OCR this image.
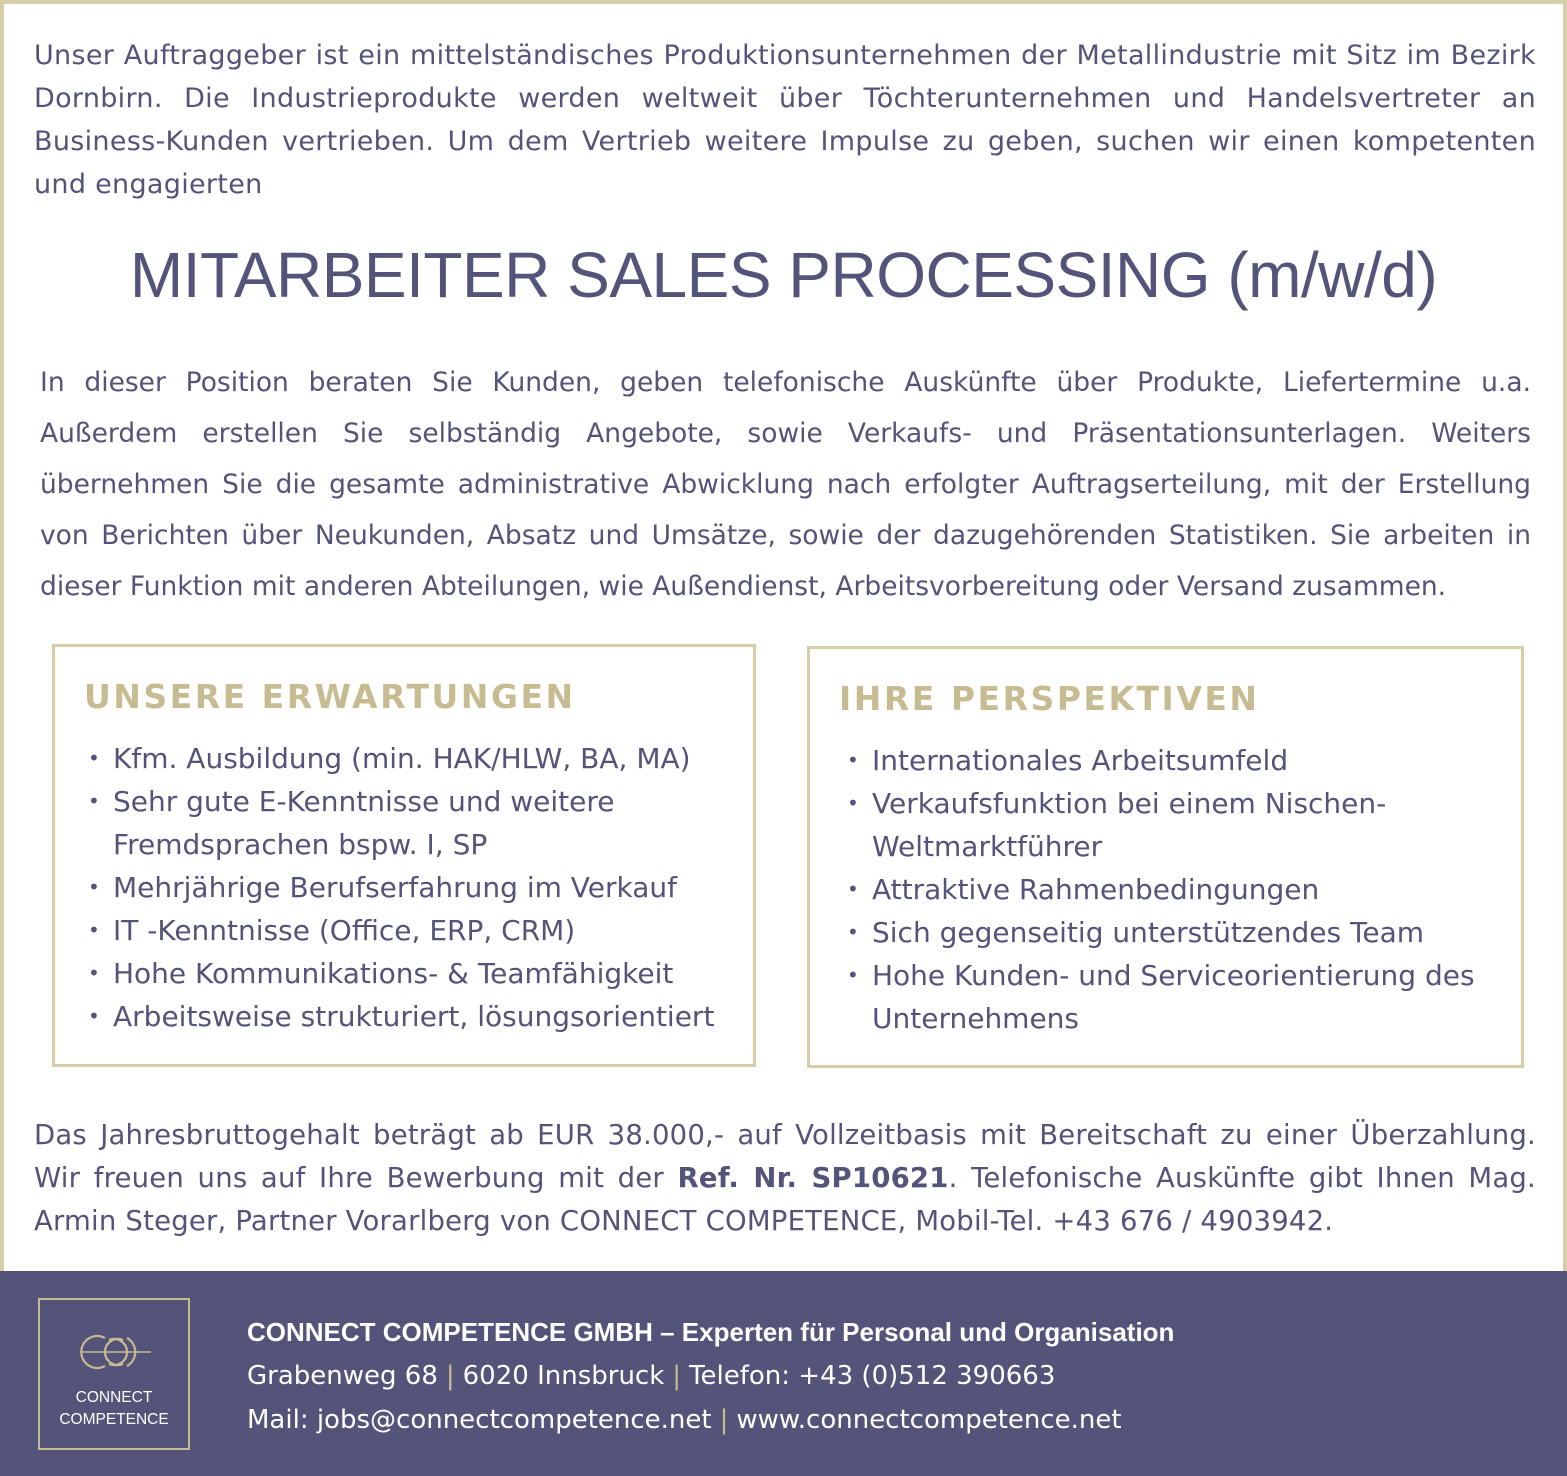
Unser Auftraggeber ist ein mittelständisches Produktionsunternehmen der Metallindustrie mit Sitz im Bezirk Dornbirn. Die Industrieprodukte werden weltweit über Töchterunternehmen und Handelsvertreter an Business-Kunden vertrieben. Um dem Vertrieb weitere Impulse zu geben, suchen wir einen kompetenten und engagierten

MITARBEITER SALES PROCESSING (m/w/d)

In dieser Position beraten Sie Kunden, geben telefonische Auskünfte über Produkte, Liefertermine u.a. Außerdem erstellen Sie selbständig Angebote, sowie Verkaufs- und Präsentationsunterlagen. Weiters übernehmen Sie die gesamte administrative Abwicklung nach erfolgter Auftragserteilung, mit der Erstellung von Berichten über Neukunden, Absatz und Umsätze, sowie der dazugehörenden Statistiken. Sie arbeiten in dieser Funktion mit anderen Abteilungen, wie Außendienst, Arbeitsvorbereitung oder Versand zusammen.

UNSERE ERWARTUNGEN
• Kfm. Ausbildung (min. HAK/HLW, BA, MA)
• Sehr gute E-Kenntnisse und weitere Fremdsprachen bspw. I, SP
• Mehrjährige Berufserfahrung im Verkauf
• IT -Kenntnisse (Office, ERP, CRM)
• Hohe Kommunikations- & Teamfähigkeit
• Arbeitsweise strukturiert, lösungsorientiert
IHRE PERSPEKTIVEN
• Internationales Arbeitsumfeld
• Verkaufsfunktion bei einem Nischen-Weltmarktführer
• Attraktive Rahmenbedingungen
• Sich gegenseitig unterstützendes Team
• Hohe Kunden- und Serviceorientierung des Unternehmens

Das Jahresbruttogehalt beträgt ab EUR 38.000,- auf Vollzeitbasis mit Bereitschaft zu einer Überzahlung. Wir freuen uns auf Ihre Bewerbung mit der Ref. Nr. SP10621. Telefonische Auskünfte gibt Ihnen Mag. Armin Steger, Partner Vorarlberg von CONNECT COMPETENCE, Mobil-Tel. +43 676 / 4903942.

CONNECT
COMPETENCE
CONNECT COMPETENCE GMBH – Experten für Personal und Organisation
Grabenweg 68 | 6020 Innsbruck | Telefon: +43 (0)512 390663
Mail: jobs@connectcompetence.net | www.connectcompetence.net
